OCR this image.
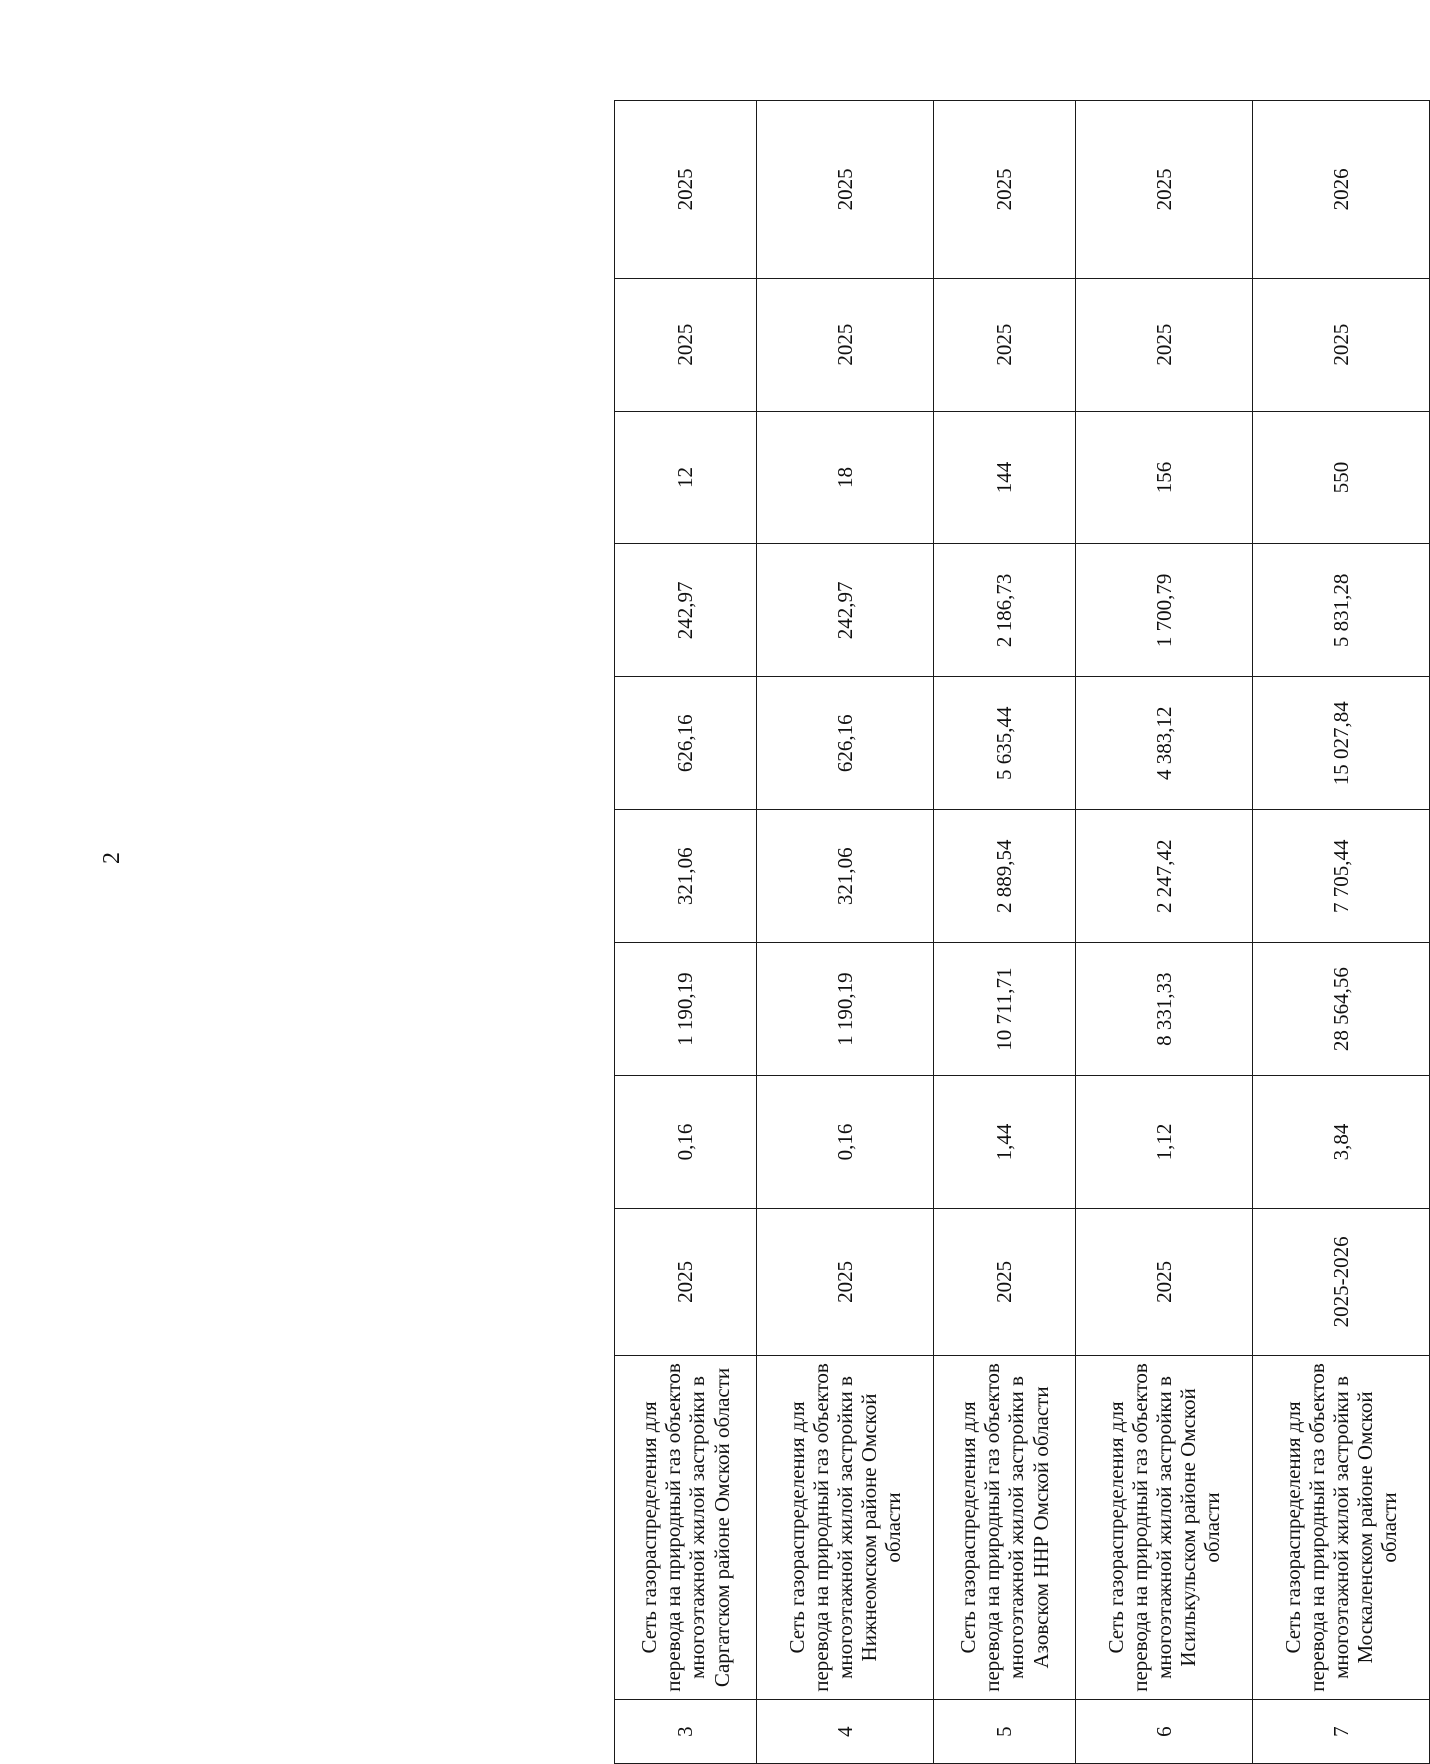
2
3	Сеть газораспределения для перевода на природный газ объектов многоэтажной жилой застройки в Саргатском районе Омской области	2025	0,16	1 190,19	321,06	626,16	242,97	12	2025	2025
4	Сеть газораспределения для перевода на природный газ объектов многоэтажной жилой застройки в Нижнеомском районе Омской области	2025	0,16	1 190,19	321,06	626,16	242,97	18	2025	2025
5	Сеть газораспределения для перевода на природный газ объектов многоэтажной жилой застройки в Азовском ННР Омской области	2025	1,44	10 711,71	2 889,54	5 635,44	2 186,73	144	2025	2025
6	Сеть газораспределения для перевода на природный газ объектов многоэтажной жилой застройки в Исилькульском районе Омской области	2025	1,12	8 331,33	2 247,42	4 383,12	1 700,79	156	2025	2025
7	Сеть газораспределения для перевода на природный газ объектов многоэтажной жилой застройки в Москаленском районе Омской области	2025-2026	3,84	28 564,56	7 705,44	15 027,84	5 831,28	550	2025	2026
